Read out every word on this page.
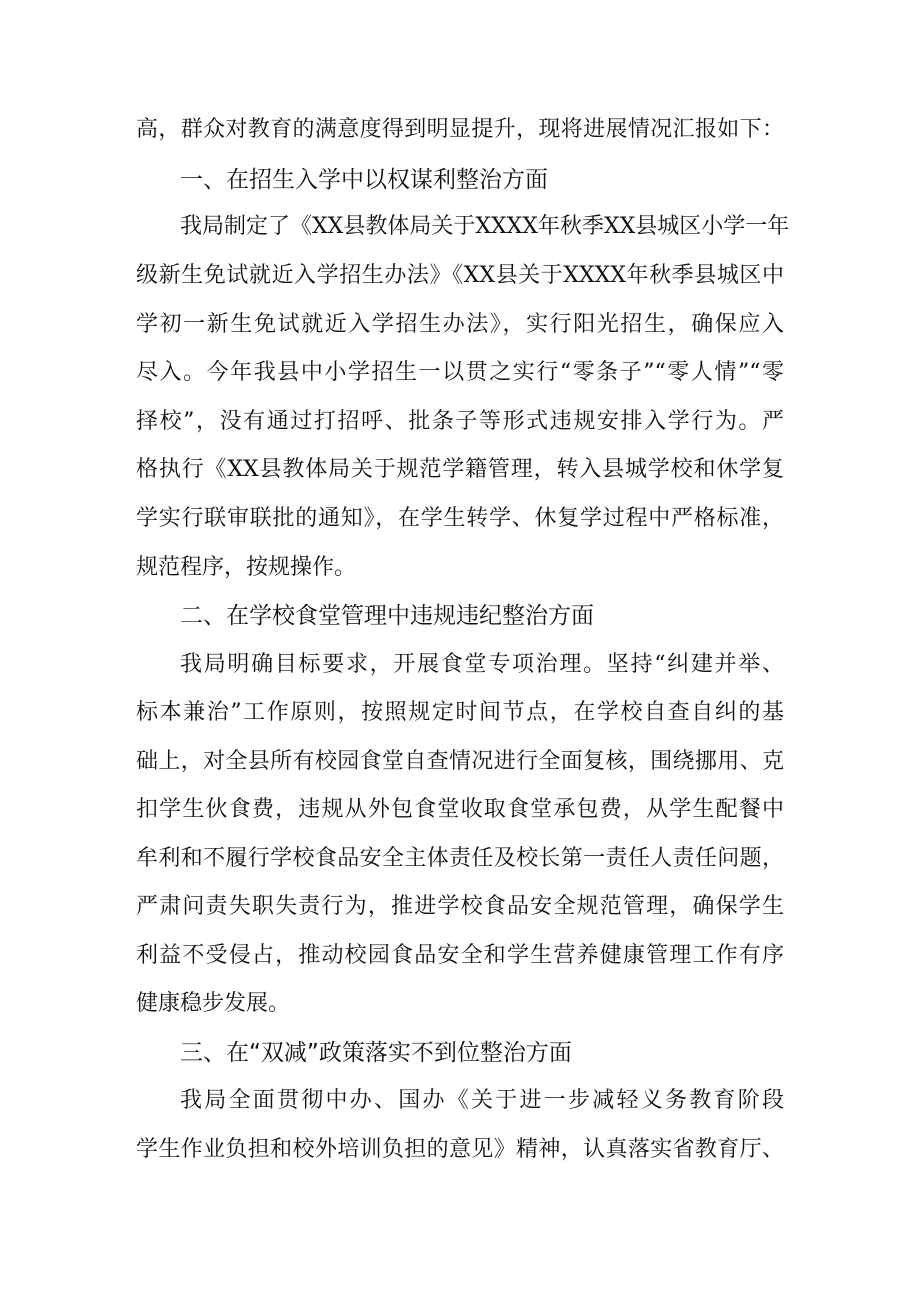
高，群众对教育的满意度得到明显提升，现将进展情况汇报如下：
一、在招生入学中以权谋利整治方面
我局制定了《XX县教体局关于XXXX年秋季XX县城区小学一年
级新生免试就近入学招生办法》《XX县关于XXXX年秋季县城区中
学初一新生免试就近入学招生办法》，实行阳光招生，确保应入
尽入。今年我县中小学招生一以贯之实行“零条子”“零人情”“零
择校”，没有通过打招呼、批条子等形式违规安排入学行为。严
格执行《XX县教体局关于规范学籍管理，转入县城学校和休学复
学实行联审联批的通知》，在学生转学、休复学过程中严格标准，
规范程序，按规操作。
二、在学校食堂管理中违规违纪整治方面
我局明确目标要求，开展食堂专项治理。坚持“纠建并举、
标本兼治”工作原则，按照规定时间节点，在学校自查自纠的基
础上，对全县所有校园食堂自查情况进行全面复核，围绕挪用、克
扣学生伙食费，违规从外包食堂收取食堂承包费，从学生配餐中
牟利和不履行学校食品安全主体责任及校长第一责任人责任问题，
严肃问责失职失责行为，推进学校食品安全规范管理，确保学生
利益不受侵占，推动校园食品安全和学生营养健康管理工作有序
健康稳步发展。
三、在“双减”政策落实不到位整治方面
我局全面贯彻中办、国办《关于进一步减轻义务教育阶段
学生作业负担和校外培训负担的意见》精神，认真落实省教育厅、
